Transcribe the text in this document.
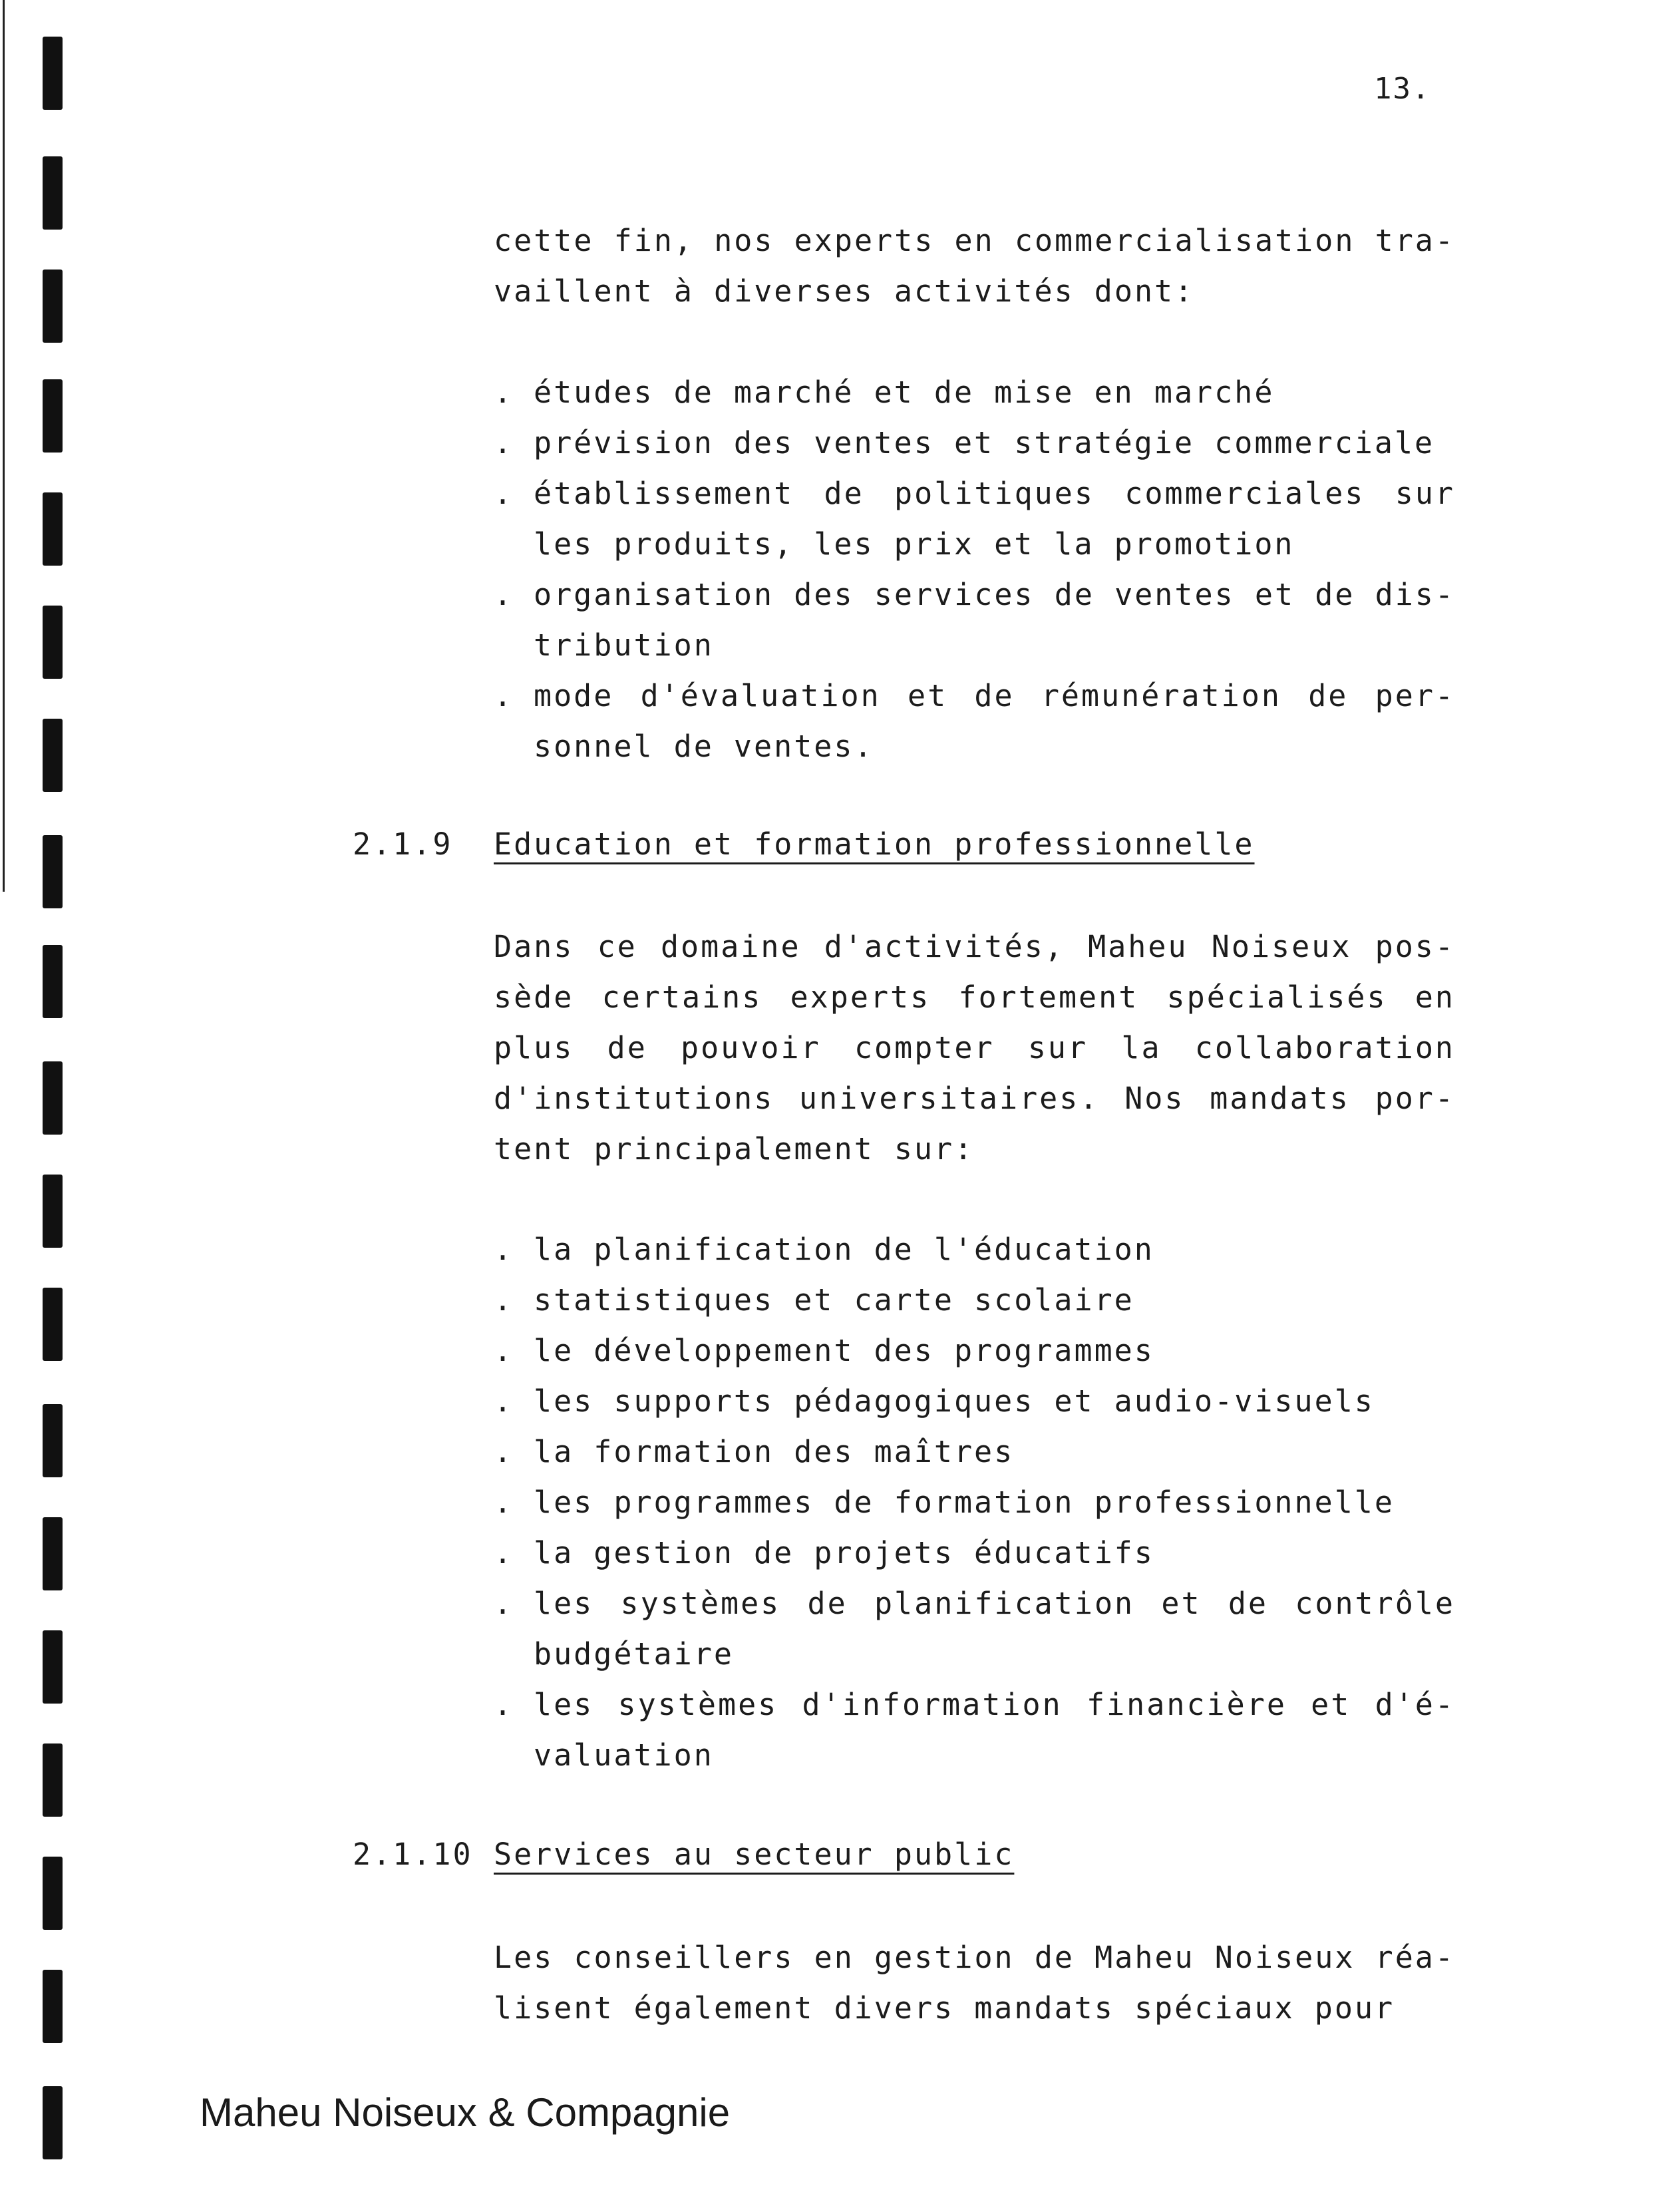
13.

cette fin, nos experts en commercialisation tra- vaillent à diverses activités dont:

. études de marché et de mise en marché
. prévision des ventes et stratégie commerciale
. établissement de politiques commerciales sur les produits, les prix et la promotion
. organisation des services de ventes et de dis- tribution
. mode d'évaluation et de rémunération de per- sonnel de ventes.
2.1.9 Education et formation professionnelle

Dans ce domaine d'activités, Maheu Noiseux pos- sède certains experts fortement spécialisés en plus de pouvoir compter sur la collaboration d'institutions universitaires. Nos mandats por- tent principalement sur:

. la planification de l'éducation
. statistiques et carte scolaire
. le développement des programmes
. les supports pédagogiques et audio-visuels
. la formation des maîtres
. les programmes de formation professionnelle
. la gestion de projets éducatifs
. les systèmes de planification et de contrôle budgétaire
. les systèmes d'information financière et d'é- valuation
2.1.10 Services au secteur public

Les conseillers en gestion de Maheu Noiseux réa- lisent également divers mandats spéciaux pour

Maheu Noiseux & Compagnie
